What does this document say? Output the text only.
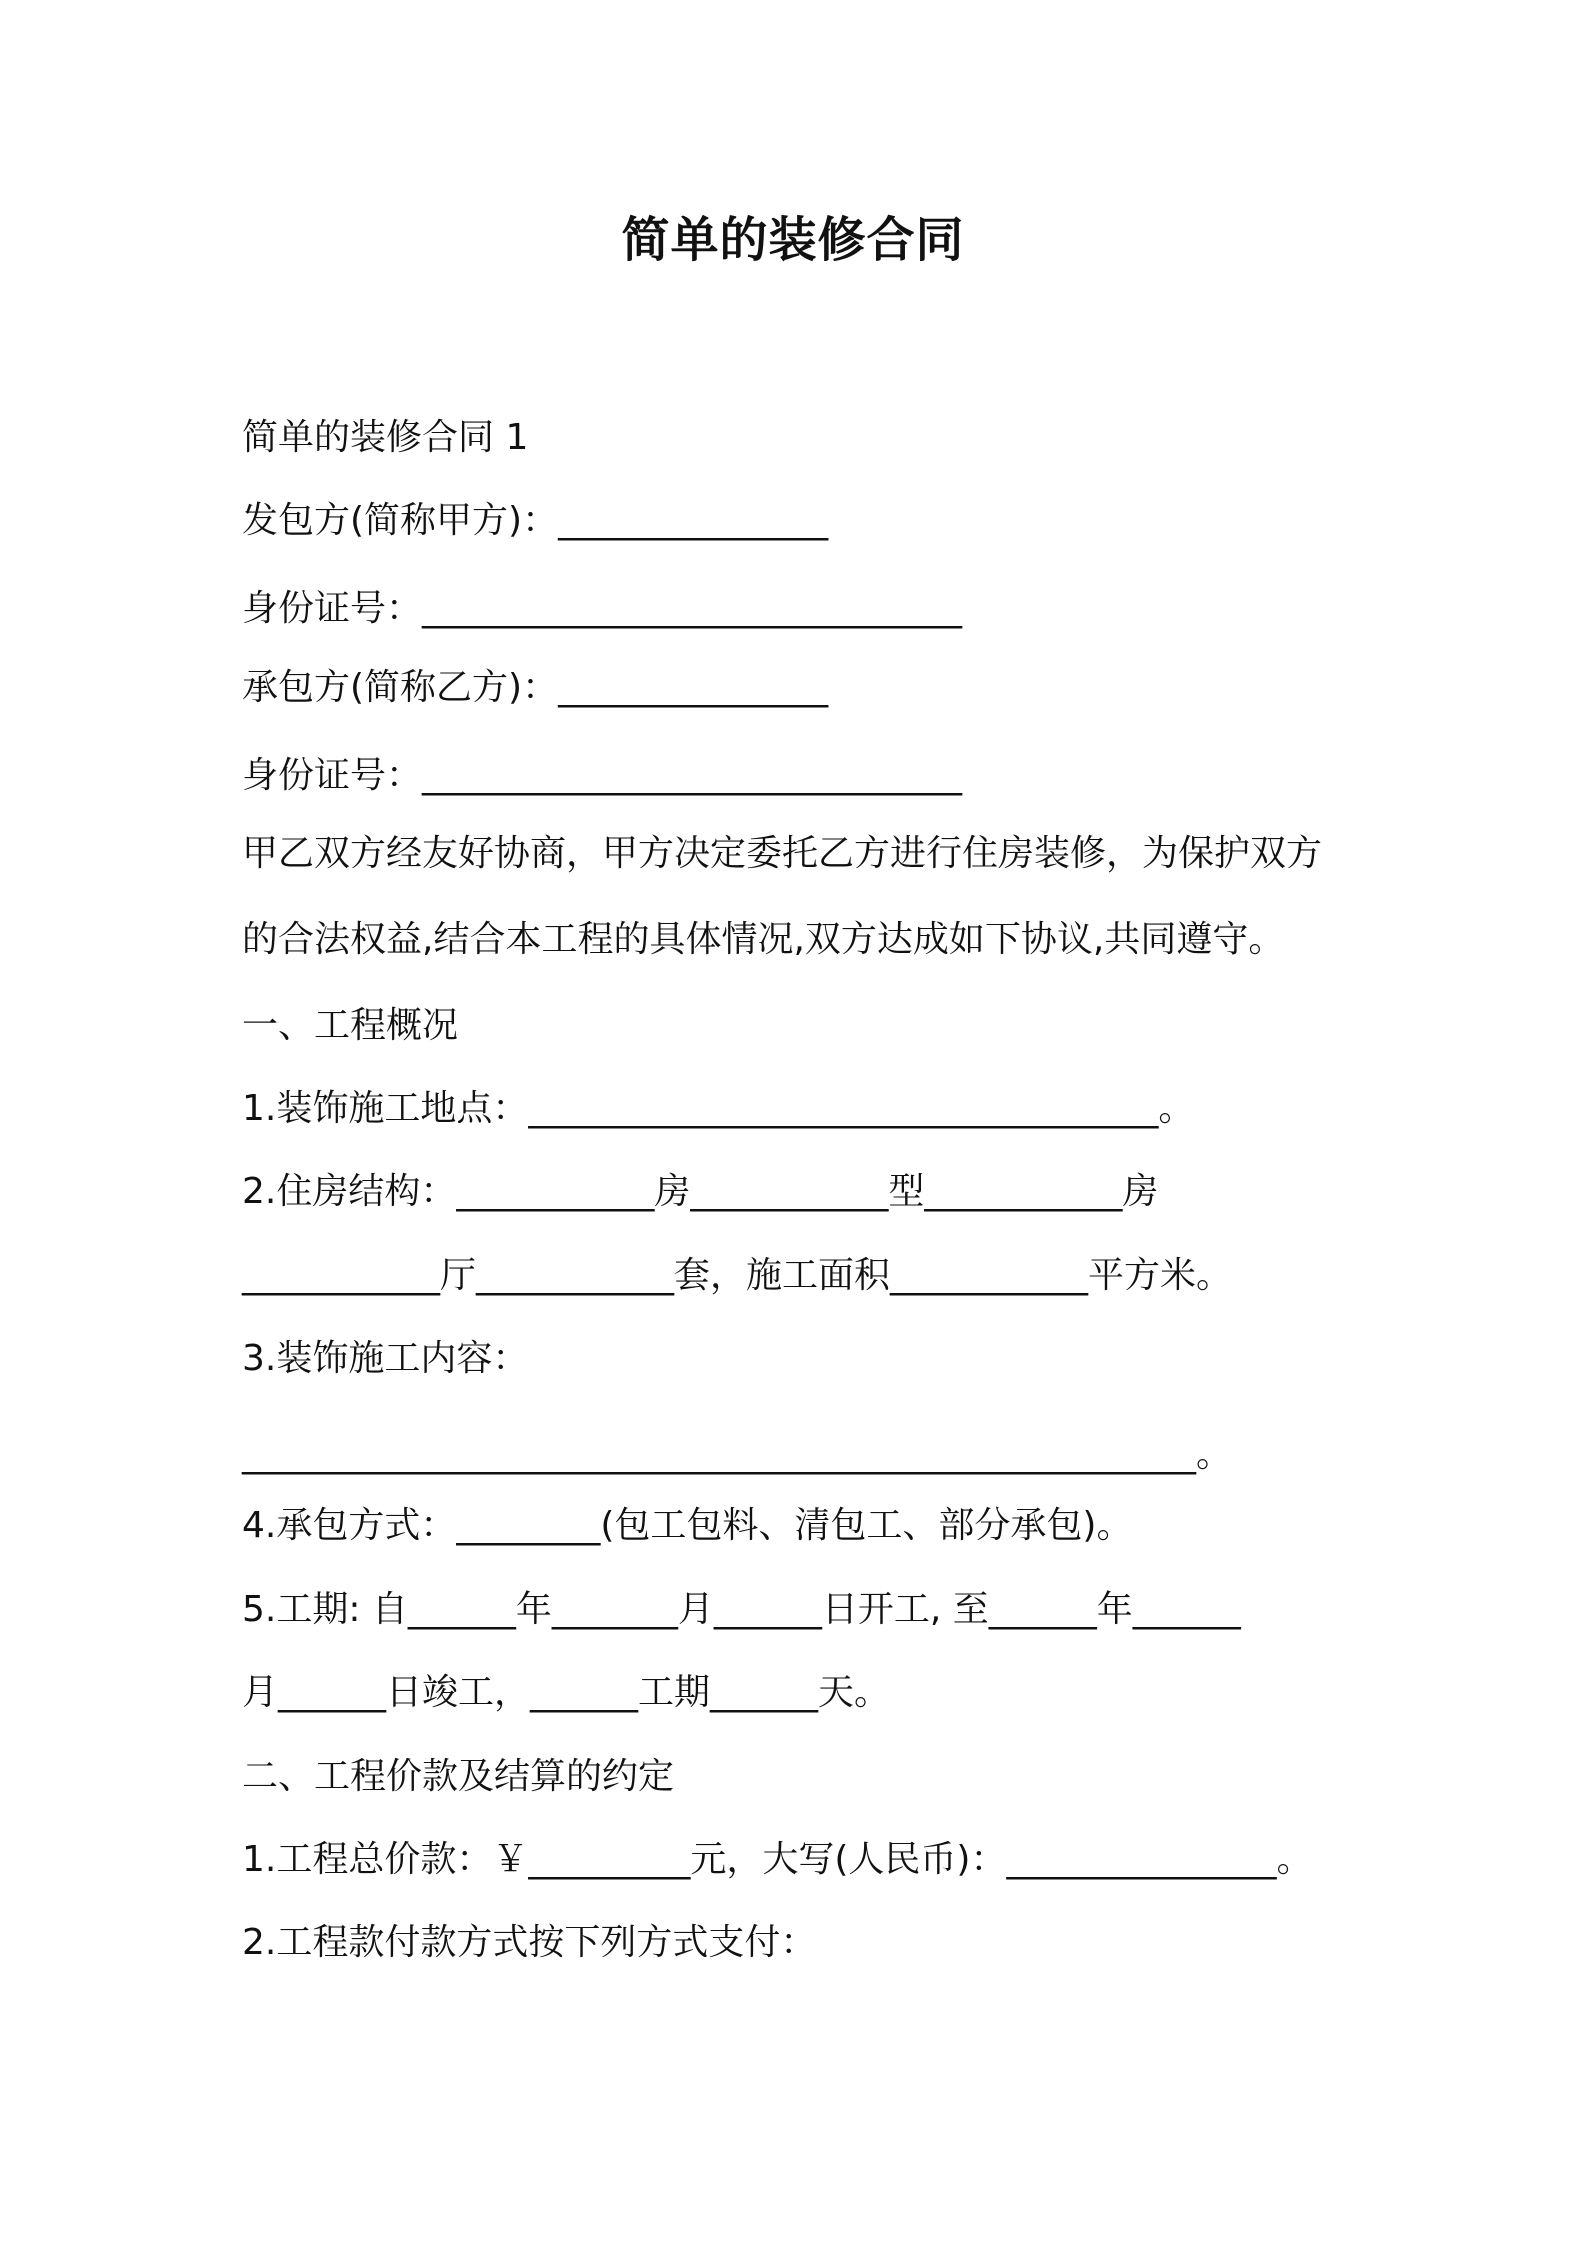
简单的装修合同
简单的装修合同 1
发包方(简称甲方)：_______________
身份证号：______________________________
承包方(简称乙方)：_______________
身份证号：______________________________
甲乙双方经友好协商，甲方决定委托乙方进行住房装修，为保护双方
的合法权益,结合本工程的具体情况,双方达成如下协议,共同遵守。
一、工程概况
1.装饰施工地点：___________________________________。
2.住房结构：___________房___________型___________房
___________厅___________套，施工面积___________平方米。
3.装饰施工内容：
_____________________________________________________。
4.承包方式：________(包工包料、清包工、部分承包)。
5.工期: 自______年_______月______日开工, 至______年______
月______日竣工，______工期______天。
二、工程价款及结算的约定
1.工程总价款：￥_________元，大写(人民币)：_______________。
2.工程款付款方式按下列方式支付：
